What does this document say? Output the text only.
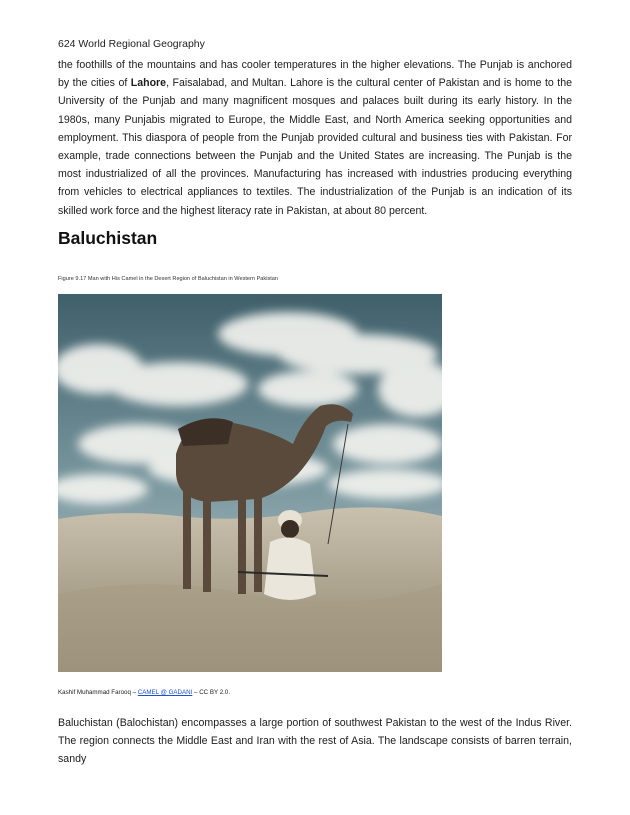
624 World Regional Geography

the foothills of the mountains and has cooler temperatures in the higher elevations. The Punjab is anchored by the cities of Lahore, Faisalabad, and Multan. Lahore is the cultural center of Pakistan and is home to the University of the Punjab and many magnificent mosques and palaces built during its early history. In the 1980s, many Punjabis migrated to Europe, the Middle East, and North America seeking opportunities and employment. This diaspora of people from the Punjab provided cultural and business ties with Pakistan. For example, trade connections between the Punjab and the United States are increasing. The Punjab is the most industrialized of all the provinces. Manufacturing has increased with industries producing everything from vehicles to electrical appliances to textiles. The industrialization of the Punjab is an indication of its skilled work force and the highest literacy rate in Pakistan, at about 80 percent.

Baluchistan
Figure 9.17 Man with His Camel in the Desert Region of Baluchistan in Western Pakistan
Kashif Muhammad Farooq – CAMEL @ GADANI – CC BY 2.0.

Baluchistan (Balochistan) encompasses a large portion of southwest Pakistan to the west of the Indus River. The region connects the Middle East and Iran with the rest of Asia. The landscape consists of barren terrain, sandy
